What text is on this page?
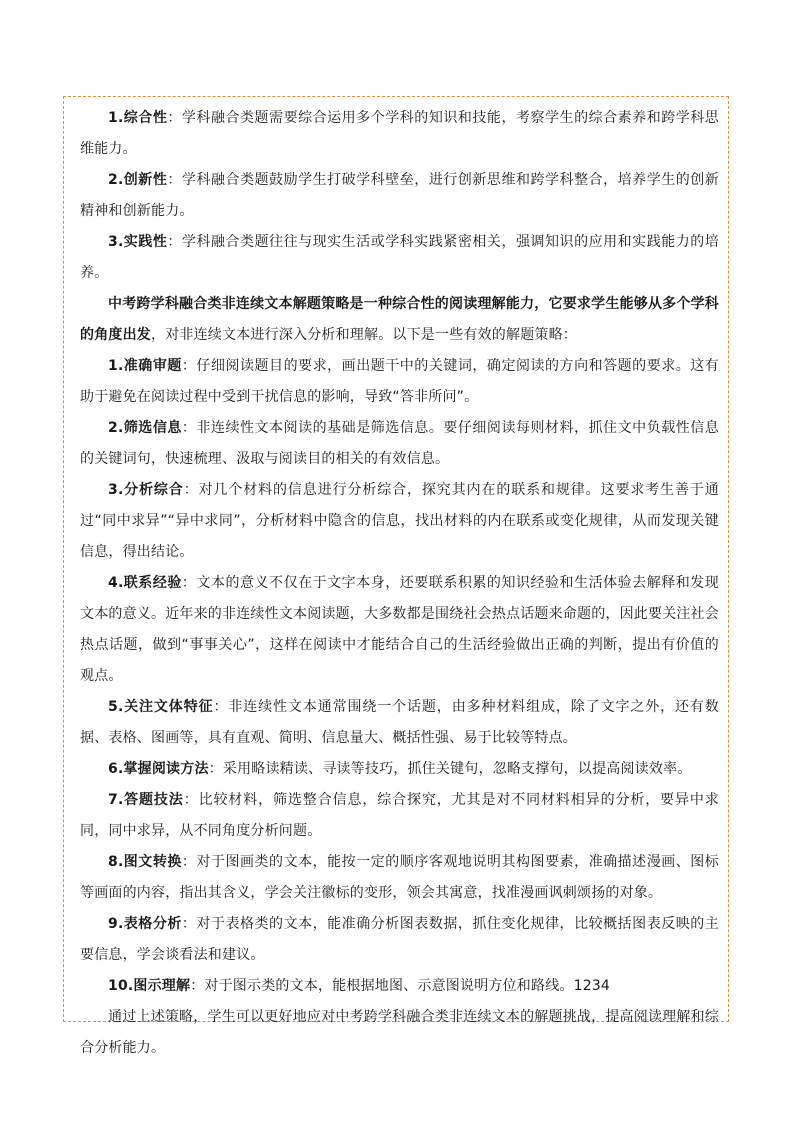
1.综合性：学科融合类题需要综合运用多个学科的知识和技能，考察学生的综合素养和跨学科思维能力。

2.创新性：学科融合类题鼓励学生打破学科壁垒，进行创新思维和跨学科整合，培养学生的创新精神和创新能力。

3.实践性：学科融合类题往往与现实生活或学科实践紧密相关，强调知识的应用和实践能力的培养。

中考跨学科融合类非连续文本解题策略是一种综合性的阅读理解能力，它要求学生能够从多个学科的角度出发，对非连续文本进行深入分析和理解。以下是一些有效的解题策略：

1.准确审题：仔细阅读题目的要求，画出题干中的关键词，确定阅读的方向和答题的要求。这有助于避免在阅读过程中受到干扰信息的影响，导致“答非所问”。

2.筛选信息：非连续性文本阅读的基础是筛选信息。要仔细阅读每则材料，抓住文中负载性信息的关键词句，快速梳理、汲取与阅读目的相关的有效信息。

3.分析综合：对几个材料的信息进行分析综合，探究其内在的联系和规律。这要求考生善于通过“同中求异”“异中求同”，分析材料中隐含的信息，找出材料的内在联系或变化规律，从而发现关键信息，得出结论。

4.联系经验：文本的意义不仅在于文字本身，还要联系积累的知识经验和生活体验去解释和发现文本的意义。近年来的非连续性文本阅读题，大多数都是围绕社会热点话题来命题的，因此要关注社会热点话题，做到“事事关心”，这样在阅读中才能结合自己的生活经验做出正确的判断，提出有价值的观点。

5.关注文体特征：非连续性文本通常围绕一个话题，由多种材料组成，除了文字之外，还有数据、表格、图画等，具有直观、简明、信息量大、概括性强、易于比较等特点。

6.掌握阅读方法：采用略读精读、寻读等技巧，抓住关键句，忽略支撑句，以提高阅读效率。

7.答题技法：比较材料，筛选整合信息，综合探究，尤其是对不同材料相异的分析，要异中求同，同中求异，从不同角度分析问题。

8.图文转换：对于图画类的文本，能按一定的顺序客观地说明其构图要素，准确描述漫画、图标等画面的内容，指出其含义，学会关注徽标的变形，领会其寓意，找准漫画讽刺颂扬的对象。

9.表格分析：对于表格类的文本，能准确分析图表数据，抓住变化规律，比较概括图表反映的主要信息，学会谈看法和建议。

10.图示理解：对于图示类的文本，能根据地图、示意图说明方位和路线。1234

通过上述策略，学生可以更好地应对中考跨学科融合类非连续文本的解题挑战，提高阅读理解和综合分析能力。
